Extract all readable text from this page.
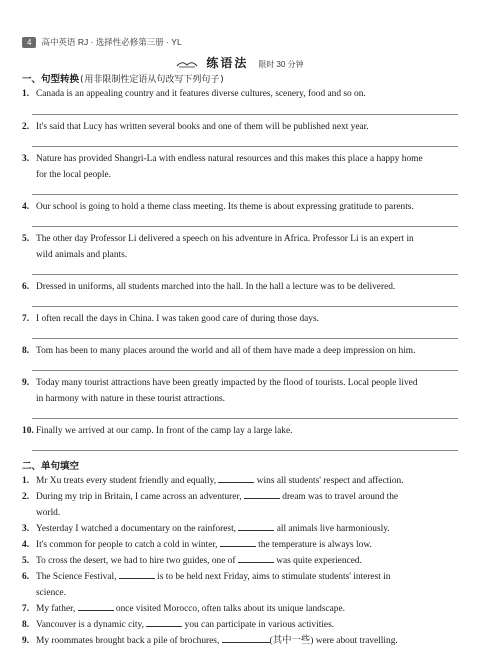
4	高中英语 RJ · 选择性必修第三册 · YL
练语法 限时 30 分钟
一、句型转换(用非限制性定语从句改写下列句子)
1. Canada is an appealing country and it features diverse cultures, scenery, food and so on.
2. It's said that Lucy has written several books and one of them will be published next year.
3. Nature has provided Shangri-La with endless natural resources and this makes this place a happy home
for the local people.
4. Our school is going to hold a theme class meeting. Its theme is about expressing gratitude to parents.
5. The other day Professor Li delivered a speech on his adventure in Africa. Professor Li is an expert in
wild animals and plants.
6. Dressed in uniforms, all students marched into the hall. In the hall a lecture was to be delivered.
7. I often recall the days in China. I was taken good care of during those days.
8. Tom has been to many places around the world and all of them have made a deep impression on him.
9. Today many tourist attractions have been greatly impacted by the flood of tourists. Local people lived
in harmony with nature in these tourist attractions.
10. Finally we arrived at our camp. In front of the camp lay a large lake.
二、单句填空
1. Mr Xu treats every student friendly and equally,	wins all students' respect and affection.
2. During my trip in Britain, I came across an adventurer,	dream was to travel around the
world.
3. Yesterday I watched a documentary on the rainforest,	all animals live harmoniously.
4. It's common for people to catch a cold in winter,	the temperature is always low.
5. To cross the desert, we had to hire two guides, one of	was quite experienced.
6. The Science Festival,	is to be held next Friday, aims to stimulate students' interest in
science.
7. My father,	once visited Morocco, often talks about its unique landscape.
8. Vancouver is a dynamic city,	you can participate in various activities.
9. My roommates brought back a pile of brochures,	(其中一些) were about travelling.
